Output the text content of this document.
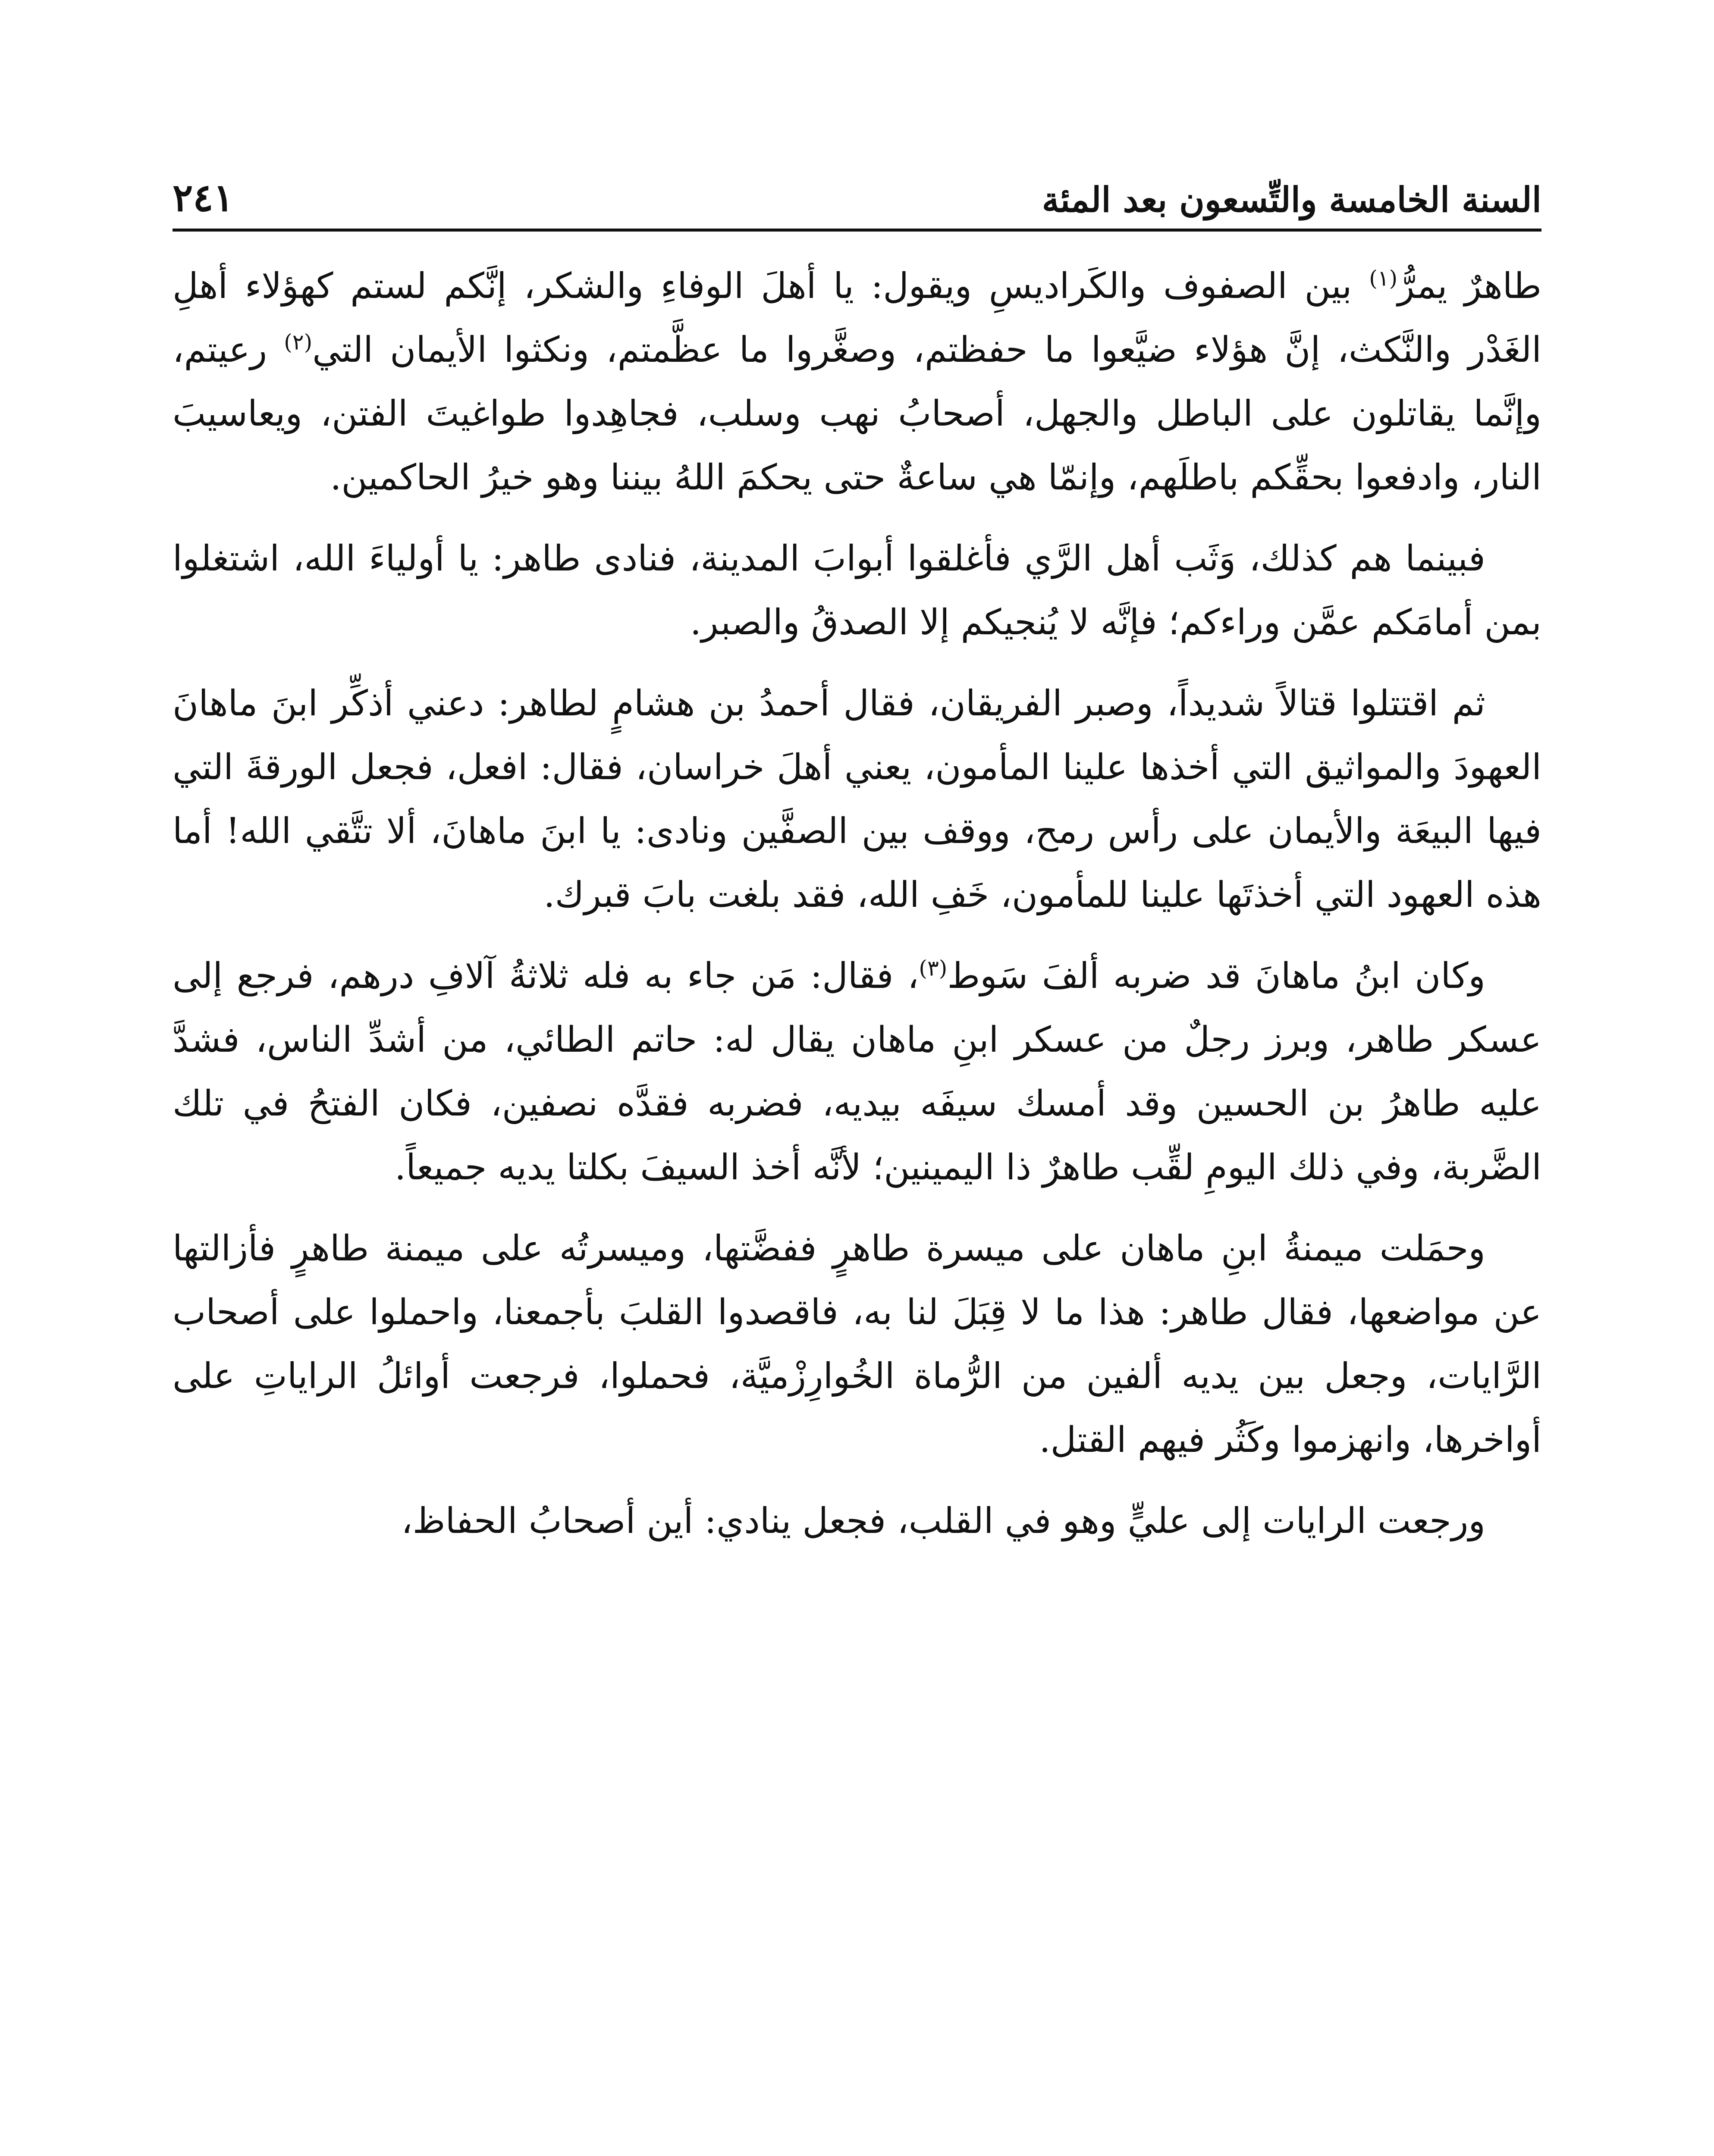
السنة الخامسة والتِّسعون بعد المئة
٢٤١

طاهرٌ يمرُّ$^{(١)}$ بين الصفوف والكَراديسِ ويقول: يا أهلَ الوفاءِ والشكر، إنَّكم لستم كهؤلاء أهلِ الغَدْر والنَّكث، إنَّ هؤلاء ضيَّعوا ما حفظتم، وصغَّروا ما عظَّمتم، ونكثوا الأيمان التي$^{(٢)}$ رعيتم، وإنَّما يقاتلون على الباطل والجهل، أصحابُ نهب وسلب، فجاهِدوا طواغيتَ الفتن، ويعاسيبَ النار، وادفعوا بحقِّكم باطلَهم، وإنمّا هي ساعةٌ حتى يحكمَ اللهُ بيننا وهو خيرُ الحاكمين.

فبينما هم كذلك، وَثَب أهل الرَّي فأغلقوا أبوابَ المدينة، فنادى طاهر: يا أولياءَ الله، اشتغلوا بمن أمامَكم عمَّن وراءكم؛ فإنَّه لا يُنجيكم إلا الصدقُ والصبر.

ثم اقتتلوا قتالاً شديداً، وصبر الفريقان، فقال أحمدُ بن هشامٍ لطاهر: دعني أذكِّر ابنَ ماهانَ العهودَ والمواثيق التي أخذها علينا المأمون، يعني أهلَ خراسان، فقال: افعل، فجعل الورقةَ التي فيها البيعَة والأيمان على رأس رمح، ووقف بين الصفَّين ونادى: يا ابنَ ماهانَ، ألا تتَّقي الله! أما هذه العهود التي أخذتَها علينا للمأمون، خَفِ الله، فقد بلغت بابَ قبرك.

وكان ابنُ ماهانَ قد ضربه ألفَ سَوط$^{(٣)}$، فقال: مَن جاء به فله ثلاثةُ آلافِ درهم، فرجع إلى عسكر طاهر، وبرز رجلٌ من عسكر ابنِ ماهان يقال له: حاتم الطائي، من أشدِّ الناس، فشدَّ عليه طاهرُ بن الحسين وقد أمسك سيفَه بيديه، فضربه فقدَّه نصفين، فكان الفتحُ في تلك الضَّربة، وفي ذلك اليومِ لقِّب طاهرٌ ذا اليمينين؛ لأنَّه أخذ السيفَ بكلتا يديه جميعاً.

وحمَلت ميمنةُ ابنِ ماهان على ميسرة طاهرٍ ففضَّتها، وميسرتُه على ميمنة طاهرٍ فأزالتها عن مواضعها، فقال طاهر: هذا ما لا قِبَلَ لنا به، فاقصدوا القلبَ بأجمعنا، واحملوا على أصحاب الرَّايات، وجعل بين يديه ألفين من الرُّماة الخُوارِزْميَّة، فحملوا، فرجعت أوائلُ الراياتِ على أواخرها، وانهزموا وكَثُر فيهم القتل.

ورجعت الرايات إلى عليٍّ وهو في القلب، فجعل ينادي: أين أصحابُ الحفاظ،
